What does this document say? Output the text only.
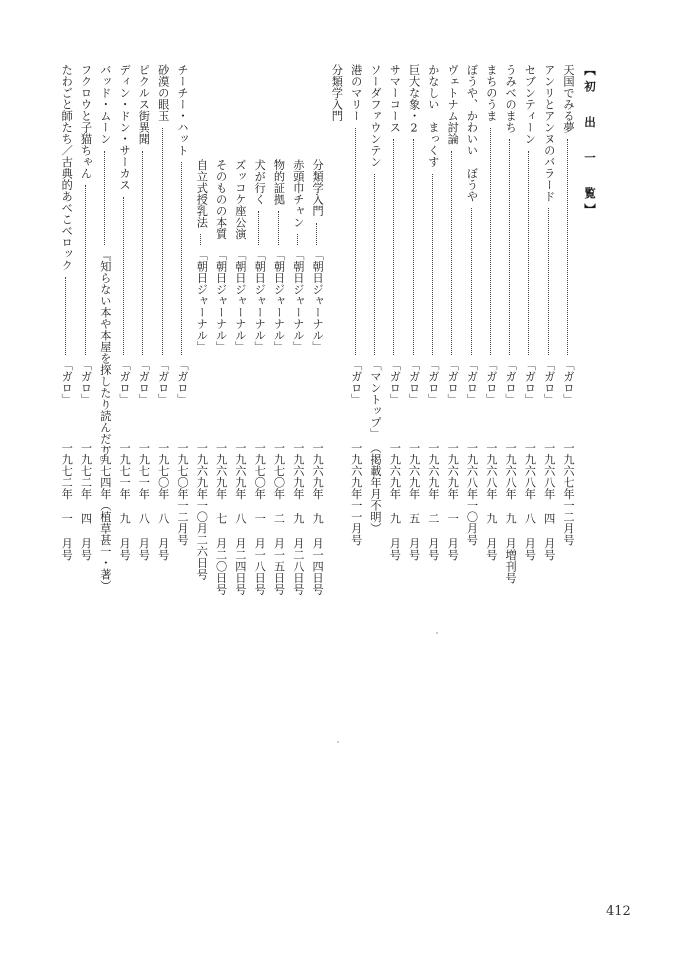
【初 出 一 覧】
天国でみる夢
「ガロ」
一九六七年一二月号
アンリとアンヌのバラード
「ガロ」
一九六八年 四 月号
セブンティーン
「ガロ」
一九六八年 八 月号
うみべのまち
「ガロ」
一九六八年 九 月増刊号
まちのうま
「ガロ」
一九六八年 九 月号
ぼうや、かわいい　ぼうや
「ガロ」
一九六八年一〇月号
ヴェトナム討論
「ガロ」
一九六九年 一 月号
かなしい　まっくす
「ガロ」
一九六九年 二 月号
巨大な象・2
「ガロ」
一九六九年 五 月号
サマーコース
「ガロ」
一九六九年 九 月号
ソーダファウンテン
「マントップ」
（掲載年月不明）
港のマリー
「ガロ」
一九六九年一一月号
分類学入門
分類学入門
「朝日ジャーナル」
一九六九年 九 月一四日号
赤頭巾チャン
「朝日ジャーナル」
一九六九年 九 月二八日号
物的証拠
「朝日ジャーナル」
一九七〇年 二 月一五日号
犬が行く
「朝日ジャーナル」
一九七〇年 一 月一八日号
ズッコケ座公演
「朝日ジャーナル」
一九六九年 八 月二四日号
そのものの本質
「朝日ジャーナル」
一九六九年 七 月二〇日号
自立式授乳法
「朝日ジャーナル」
一九六九年一〇月二六日号
チーチー・ハット
「ガロ」
一九七〇年一二月号
砂漠の眼玉
「ガロ」
一九七〇年 八 月号
ピクルス街異聞
「ガロ」
一九七一年 八 月号
ディン・ドン・サーカス
「ガロ」
一九七一年 九 月号
バッド・ムーン
『知らない本や本屋を探したり読んだり』
一九七四年（植草甚一・著）
フクロウと子猫ちゃん
「ガロ」
一九七二年 四 月号
たわごと師たち／古典的あべこべロック
「ガロ」
一九七二年 一 月号
412
